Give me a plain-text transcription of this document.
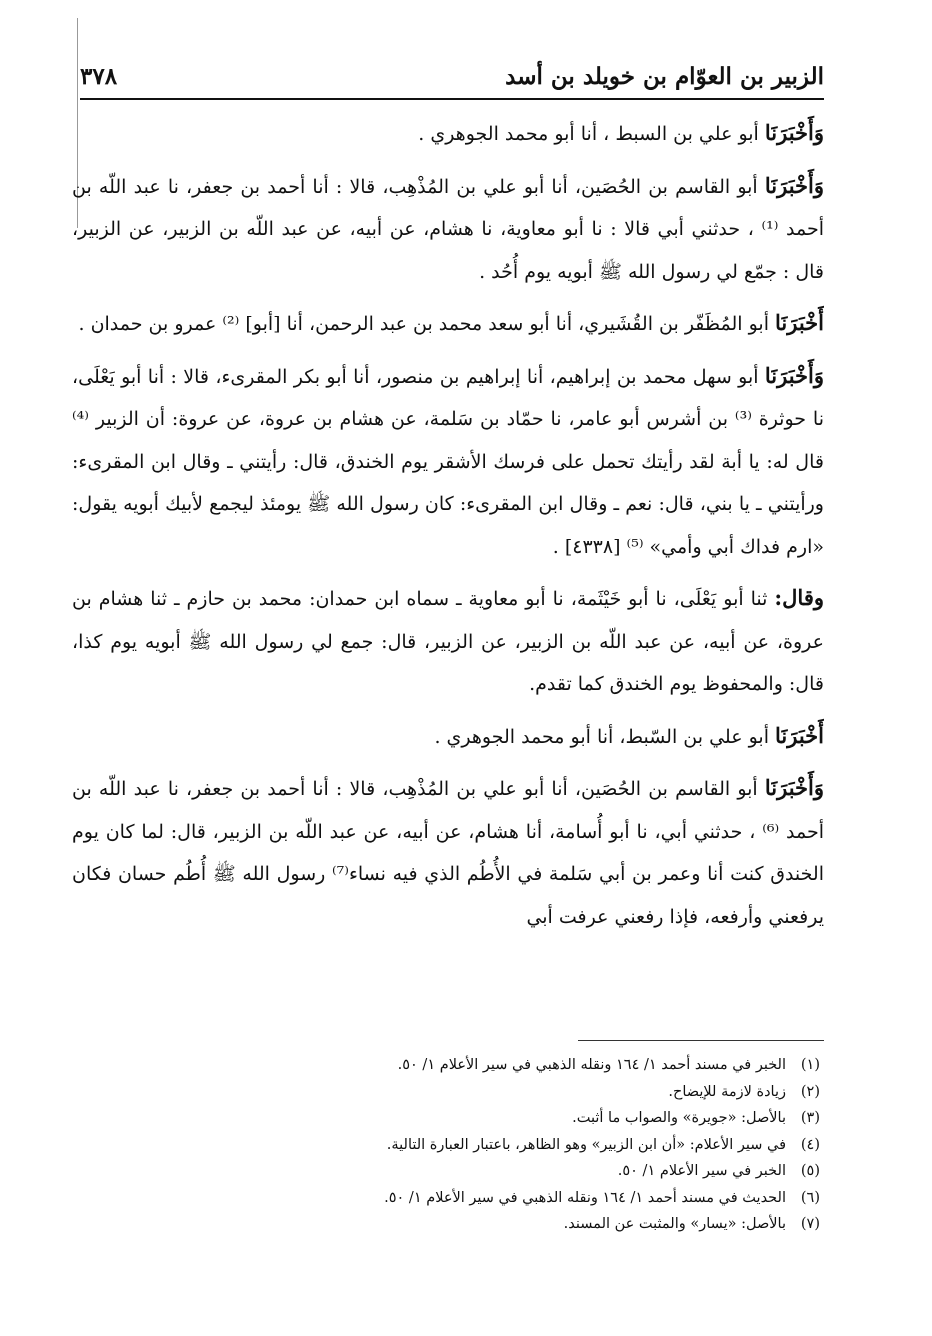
٣٧٨	الزبير بن العوّام بن خويلد بن أسد

وَأَخْبَرَنَا أبو علي بن السبط ، أنا أبو محمد الجوهري .

وَأَخْبَرَنَا أبو القاسم بن الحُصَين، أنا أبو علي بن المُذْهِب، قالا : أنا أحمد بن جعفر، نا عبد اللّه بن أحمد ⁽¹⁾ ، حدثني أبي قالا : نا أبو معاوية، نا هشام، عن أبيه، عن عبد اللّه بن الزبير، عن الزبير، قال : جمّع لي رسول الله ﷺ أبويه يوم أُحُد .

أَخْبَرَنَا أبو المُظَفّر بن القُشَيري، أنا أبو سعد محمد بن عبد الرحمن، أنا [أبو] ⁽²⁾ عمرو بن حمدان .

وَأَخْبَرَنَا أبو سهل محمد بن إبراهيم، أنا إبراهيم بن منصور، أنا أبو بكر المقرىء، قالا : أنا أبو يَعْلَى، نا حوثرة ⁽³⁾ بن أشرس أبو عامر، نا حمّاد بن سَلمة، عن هشام بن عروة، عن عروة: أن الزبير ⁽⁴⁾ قال له: يا أبة لقد رأيتك تحمل على فرسك الأشقر يوم الخندق، قال: رأيتني ـ وقال ابن المقرىء: ورأيتني ـ يا بني، قال: نعم ـ وقال ابن المقرىء: كان رسول الله ﷺ يومئذ ليجمع لأبيك أبويه يقول: «ارم فداك أبي وأمي» ⁽⁵⁾ [٤٣٣٨] .

وقال: ثنا أبو يَعْلَى، نا أبو خَيْثَمة، نا أبو معاوية ـ سماه ابن حمدان: محمد بن حازم ـ ثنا هشام بن عروة، عن أبيه، عن عبد اللّه بن الزبير، عن الزبير، قال: جمع لي رسول الله ﷺ أبويه يوم كذا، قال: والمحفوظ يوم الخندق كما تقدم.

أَخْبَرَنَا أبو علي بن السّبط، أنا أبو محمد الجوهري .

وَأَخْبَرَنَا أبو القاسم بن الحُصَين، أنا أبو علي بن المُذْهِب، قالا : أنا أحمد بن جعفر، نا عبد اللّه بن أحمد ⁽⁶⁾ ، حدثني أبي، نا أبو أُسامة، أنا هشام، عن أبيه، عن عبد اللّه بن الزبير، قال: لما كان يوم الخندق كنت أنا وعمر بن أبي سَلمة في الأُطُم الذي فيه نساء⁽⁷⁾ رسول الله ﷺ أُطُم حسان فكان يرفعني وأرفعه، فإذا رفعني عرفت أبي

(١)الخبر في مسند أحمد ١/ ١٦٤ ونقله الذهبي في سير الأعلام ١/ ٥٠.
(٢)زيادة لازمة للإيضاح.
(٣)بالأصل: «جويرة» والصواب ما أثبت.
(٤)في سير الأعلام: «أن ابن الزبير» وهو الظاهر، باعتبار العبارة التالية.
(٥)الخبر في سير الأعلام ١/ ٥٠.
(٦)الحديث في مسند أحمد ١/ ١٦٤ ونقله الذهبي في سير الأعلام ١/ ٥٠.
(٧)بالأصل: «يسار» والمثبت عن المسند.
